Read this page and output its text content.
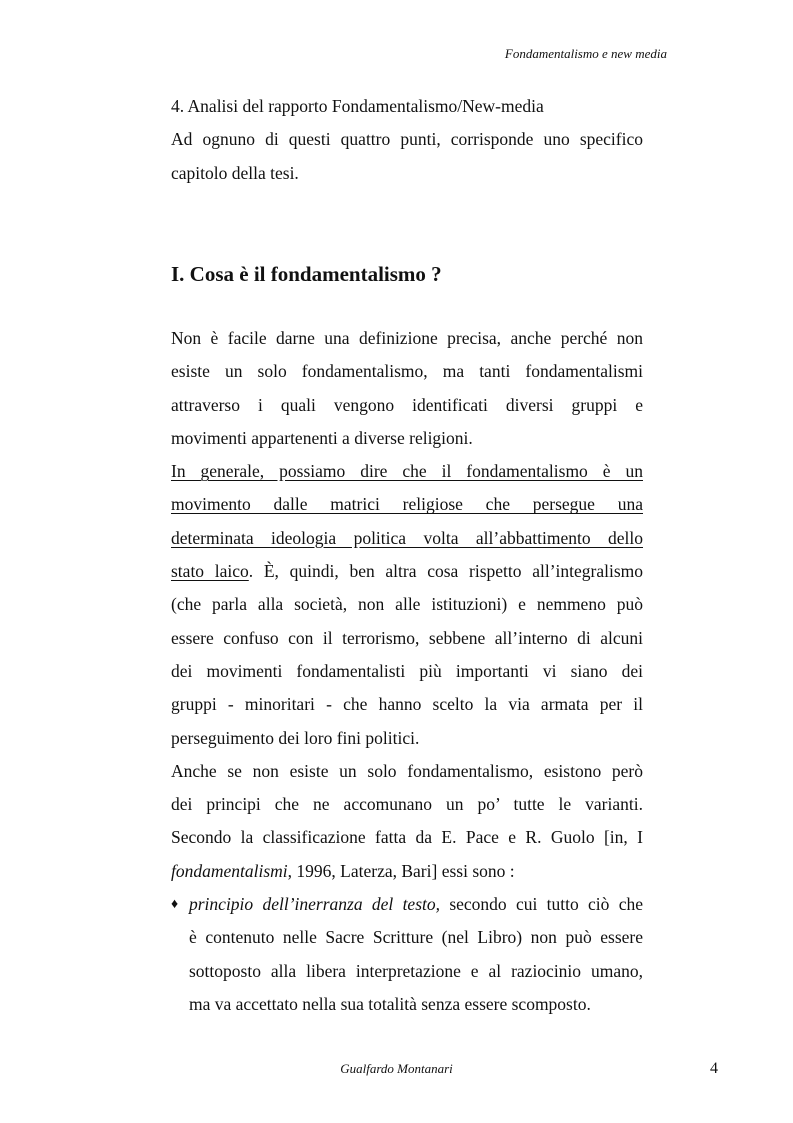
Fondamentalismo e new media
4. Analisi del rapporto Fondamentalismo/New-media
Ad ognuno di questi quattro punti, corrisponde uno specifico
capitolo della tesi.
I. Cosa è il fondamentalismo ?
Non è facile darne una definizione precisa, anche perché non
esiste un solo fondamentalismo, ma tanti fondamentalismi
attraverso i quali vengono identificati diversi gruppi e
movimenti appartenenti a diverse religioni.
In generale, possiamo dire che il fondamentalismo è un
movimento dalle matrici religiose che persegue una
determinata ideologia politica volta all’abbattimento dello
stato laico. È, quindi, ben altra cosa rispetto all’integralismo
(che parla alla società, non alle istituzioni) e nemmeno può
essere confuso con il terrorismo, sebbene all’interno di alcuni
dei movimenti fondamentalisti più importanti vi siano dei
gruppi - minoritari - che hanno scelto la via armata per il
perseguimento dei loro fini politici.
Anche se non esiste un solo fondamentalismo, esistono però
dei principi che ne accomunano un po’ tutte le varianti.
Secondo la classificazione fatta da E. Pace e R. Guolo [in, I
fondamentalismi, 1996, Laterza, Bari] essi sono :
♦ principio dell’inerranza del testo, secondo cui tutto ciò che
è contenuto nelle Sacre Scritture (nel Libro) non può essere
sottoposto alla libera interpretazione e al raziocinio umano,
ma va accettato nella sua totalità senza essere scomposto.
Gualfardo Montanari	4
